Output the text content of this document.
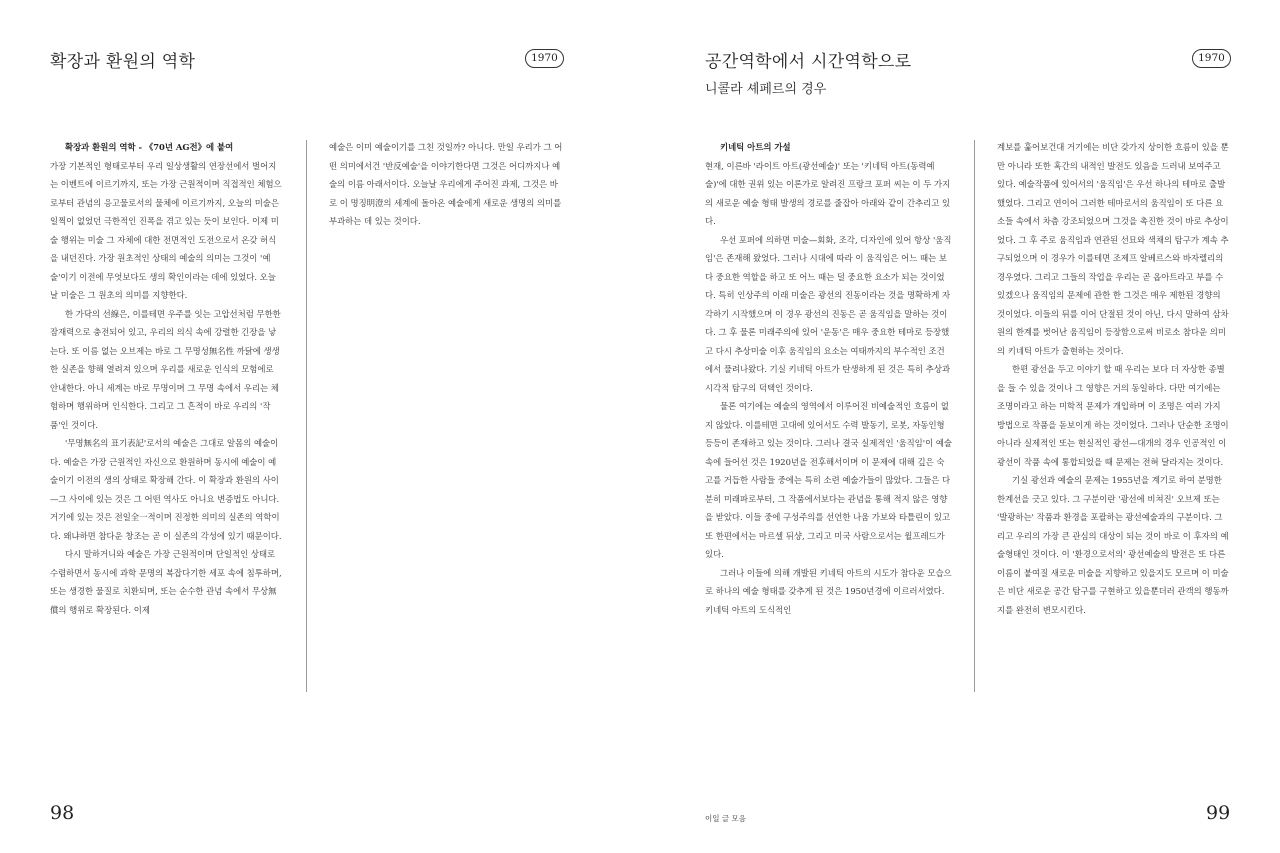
확장과 환원의 역학	1970

확장과 환원의 역학 - 《70년 AG전》에 붙여

가장 기본적인 형태로부터 우리 일상생활의 연장선에서 벌어지는 이벤트에 이르기까지, 또는 가장 근원적이며 직접적인 체험으로부터 관념의 응고물로서의 물체에 이르기까지, 오늘의 미술은 일찍이 없었던 극한적인 진폭을 겪고 있는 듯이 보인다. 이제 미술 행위는 미술 그 자체에 대한 전면적인 도전으로서 온갖 허식을 내던진다. 가장 원초적인 상태의 예술의 의미는 그것이 '예술'이기 이전에 무엇보다도 생의 확인이라는 데에 있었다. 오늘날 미술은 그 원초의 의미를 지향한다.

한 가닥의 선線은, 이를테면 우주를 잇는 고압선처럼 무한한 잠재력으로 충전되어 있고, 우리의 의식 속에 강렬한 긴장을 낳는다. 또 이름 없는 오브제는 바로 그 무명성無名性 까닭에 생생한 실존을 향해 열려져 있으며 우리를 새로운 인식의 모험에로 안내한다. 아니 세계는 바로 무명이며 그 무명 속에서 우리는 체험하며 행위하며 인식한다. 그리고 그 흔적이 바로 우리의 '작품'인 것이다.

'무명無名의 표기表記'로서의 예술은 그대로 알몸의 예술이다. 예술은 가장 근원적인 자신으로 환원하며 동시에 예술이 예술이기 이전의 생의 상태로 확장해 간다. 이 확장과 환원의 사이—그 사이에 있는 것은 그 어떤 역사도 아니요 변증법도 아니다. 거기에 있는 것은 전일全一적이며 진정한 의미의 실존의 역학이다. 왜냐하면 참다운 창조는 곧 이 실존의 각성에 있기 때문이다.

다시 말하거니와 예술은 가장 근원적이며 단일적인 상태로 수렴하면서 동시에 과학 문명의 복잡다기한 세포 속에 침투하며, 또는 생경한 물질로 치환되며, 또는 순수한 관념 속에서 무상無償의 행위로 확장된다. 이제

예술은 이미 예술이기를 그친 것일까? 아니다. 만일 우리가 그 어떤 의미에서건 '반反예술'을 이야기한다면 그것은 어디까지나 예술의 이름 아래서이다. 오늘날 우리에게 주어진 과제, 그것은 바로 이 명징明澄의 세계에 돌아온 예술에게 새로운 생명의 의미를 부과하는 데 있는 것이다.

98
공간역학에서 시간역학으로
니콜라 셰페르의 경우
1970

키네틱 아트의 가설

현재, 이른바 '라이트 아트(광선예술)' 또는 '키네틱 아트(동력예술)'에 대한 권위 있는 이론가로 알려진 프랑크 포퍼 씨는 이 두 가지의 새로운 예술 형태 발생의 경로를 줄잡아 아래와 같이 간추리고 있다.

우선 포퍼에 의하면 미술—회화, 조각, 디자인에 있어 항상 '움직임'은 존재해 왔었다. 그러나 시대에 따라 이 움직임은 어느 때는 보다 중요한 역할을 하고 또 어느 때는 덜 중요한 요소가 되는 것이었다. 특히 인상주의 이래 미술은 광선의 진동이라는 것을 명확하게 자각하기 시작했으며 이 경우 광선의 진동은 곧 움직임을 말하는 것이다. 그 후 물론 미래주의에 있어 '운동'은 매우 중요한 테마로 등장했고 다시 추상미술 이후 움직임의 요소는 여태까지의 부수적인 조건에서 풀려나왔다. 기실 키네틱 아트가 탄생하게 된 것은 특히 추상과 시각적 탐구의 덕택인 것이다.

물론 여기에는 예술의 영역에서 이루어진 비예술적인 흐름이 없지 않았다. 이를테면 고대에 있어서도 수력 발동기, 로봇, 자동인형 등등이 존재하고 있는 것이다. 그러나 결국 실제적인 '움직임'이 예술 속에 들어선 것은 1920년을 전후해서이며 이 문제에 대해 깊은 숙고를 거듭한 사람들 중에는 특히 소련 예술가들이 많았다. 그들은 다분히 미래파로부터, 그 작품에서보다는 관념을 통해 적지 않은 영향을 받았다. 이들 중에 구성주의를 선언한 나움 가보와 타틀린이 있고 또 한편에서는 마르셀 뒤샹, 그리고 미국 사람으로서는 윌프레드가 있다.

그러나 이들에 의해 개발된 키네틱 아트의 시도가 참다운 모습으로 하나의 예술 형태를 갖추게 된 것은 1950년경에 이르러서였다. 키네틱 아트의 도식적인

계보를 훑어보건대 거기에는 비단 갖가지 상이한 흐름이 있을 뿐만 아니라 또한 혹간의 내적인 발전도 있음을 드러내 보여주고 있다. 예술작품에 있어서의 '움직임'은 우선 하나의 테마로 출발했었다. 그리고 연이어 그러한 테마로서의 움직임이 또 다른 요소들 속에서 차츰 강조되었으며 그것을 촉진한 것이 바로 추상이었다. 그 후 주로 움직임과 연관된 선묘와 색채의 탐구가 계속 추구되었으며 이 경우가 이를테면 조제프 알베르스와 바자렐리의 경우였다. 그리고 그들의 작업을 우리는 곧 옵아트라고 부를 수 있겠으나 움직임의 문제에 관한 한 그것은 매우 제한된 경향의 것이었다. 이들의 뒤를 이어 단절된 것이 아닌, 다시 말하여 삼차원의 한계를 벗어난 움직임이 등장함으로써 비로소 참다운 의미의 키네틱 아트가 출현하는 것이다.

한편 광선을 두고 이야기 할 때 우리는 보다 더 자상한 종별을 들 수 있을 것이나 그 영향은 거의 동일하다. 다만 여기에는 조명이라고 하는 미학적 문제가 개입하며 이 조명은 여러 가지 방법으로 작품을 돋보이게 하는 것이었다. 그러나 단순한 조명이 아니라 실제적인 또는 현실적인 광선—대개의 경우 인공적인 이 광선이 작품 속에 통합되었을 때 문제는 전혀 달라지는 것이다.

기실 광선과 예술의 문제는 1955년을 계기로 하여 분명한 한계선을 긋고 있다. 그 구분이란 '광선에 비쳐진' 오브제 또는 '발광하는' 작품과 환경을 포괄하는 광선예술과의 구분이다. 그리고 우리의 가장 큰 관심의 대상이 되는 것이 바로 이 후자의 예술형태인 것이다. 이 '환경으로서의' 광선예술의 발전은 또 다른 이름이 붙여질 새로운 미술을 지향하고 있을지도 모르며 이 미술은 비단 새로운 공간 탐구를 구현하고 있을뿐더러 관객의 행동까지를 완전히 변모시킨다.

이일 글 모음	99
